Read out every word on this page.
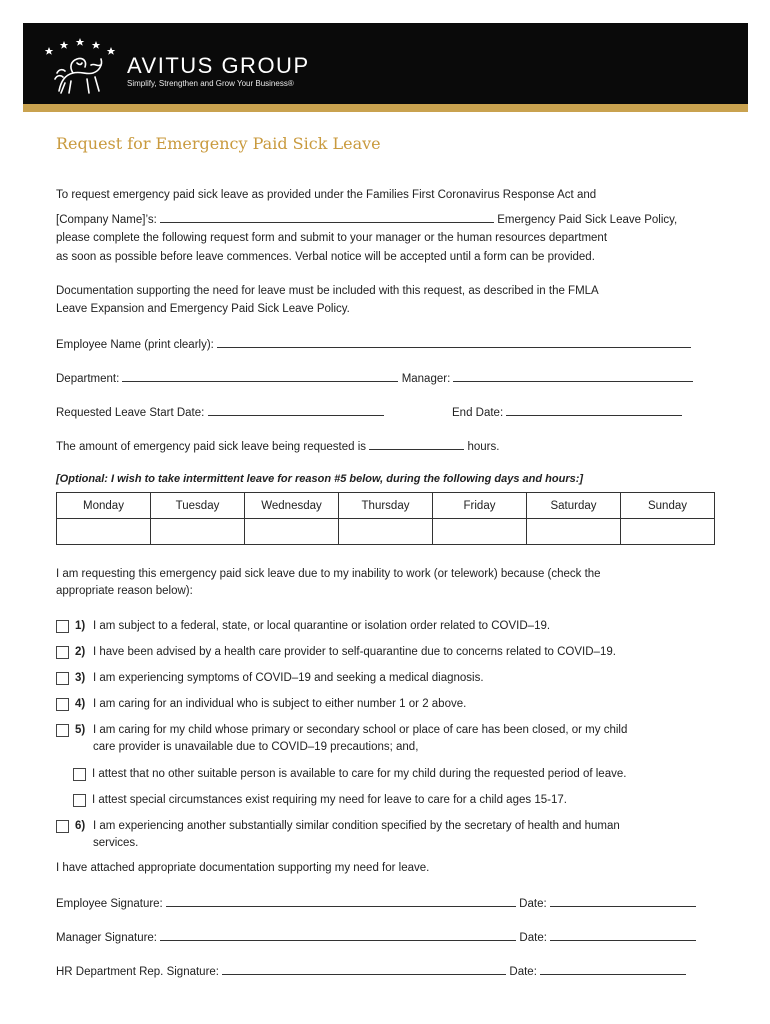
AVITUS GROUP
Simplify, Strengthen and Grow Your Business®
Request for Emergency Paid Sick Leave
To request emergency paid sick leave as provided under the Families First Coronavirus Response Act and
[Company Name]’s:	Emergency Paid Sick Leave Policy,
please complete the following request form and submit to your manager or the human resources department
as soon as possible before leave commences. Verbal notice will be accepted until a form can be provided.
Documentation supporting the need for leave must be included with this request, as described in the FMLA
Leave Expansion and Emergency Paid Sick Leave Policy.
Employee Name (print clearly):
Department:	Manager:
Requested Leave Start Date:	End Date:
The amount of emergency paid sick leave being requested is	hours.
[Optional: I wish to take intermittent leave for reason #5 below, during the following days and hours:]
Monday	Tuesday	Wednesday	Thursday	Friday	Saturday	Sunday

I am requesting this emergency paid sick leave due to my inability to work (or telework) because (check the
appropriate reason below):
1) I am subject to a federal, state, or local quarantine or isolation order related to COVID–19.
2) I have been advised by a health care provider to self-quarantine due to concerns related to COVID–19.
3) I am experiencing symptoms of COVID–19 and seeking a medical diagnosis.
4) I am caring for an individual who is subject to either number 1 or 2 above.
5) I am caring for my child whose primary or secondary school or place of care has been closed, or my child
care provider is unavailable due to COVID–19 precautions; and,
I attest that no other suitable person is available to care for my child during the requested period of leave.
I attest special circumstances exist requiring my need for leave to care for a child ages 15-17.
6) I am experiencing another substantially similar condition specified by the secretary of health and human
services.
I have attached appropriate documentation supporting my need for leave.
Employee Signature:	Date:
Manager Signature:	Date:
HR Department Rep. Signature:	Date:
